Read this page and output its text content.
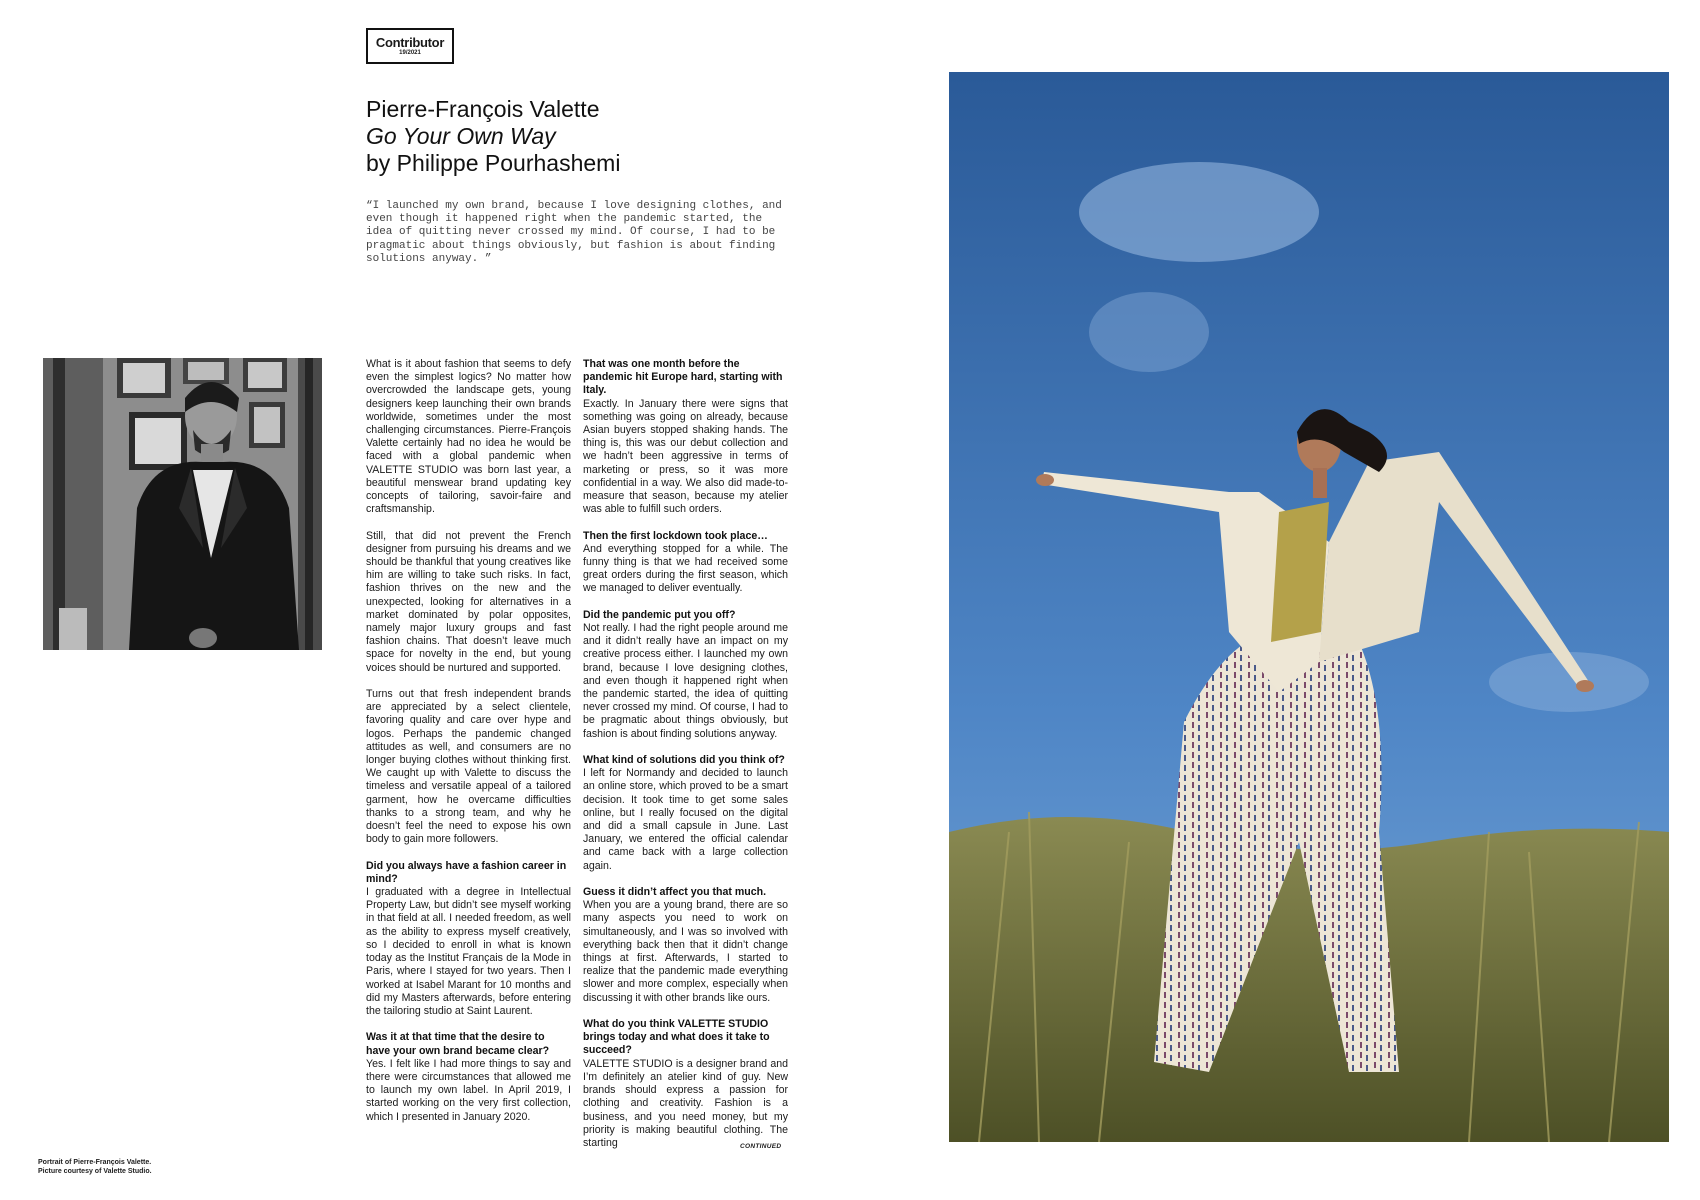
Contributor
19/2021
Pierre-François Valette
Go Your Own Way
by Philippe Pourhashemi
“I launched my own brand, because I love designing clothes, and even though it happened right when the pandemic started, the idea of quitting never crossed my mind. Of course, I had to be pragmatic about things obviously, but fashion is about finding solutions anyway. ”
Portrait of Pierre-François Valette.
Picture courtesy of Valette Studio.

What is it about fashion that seems to defy even the simplest logics? No matter how overcrowded the landscape gets, young designers keep launching their own brands worldwide, sometimes under the most challenging circumstances. Pierre-François Valette certainly had no idea he would be faced with a global pandemic when VALETTE STUDIO was born last year, a beautiful menswear brand updating key concepts of tailoring, savoir-faire and craftsmanship.

Still, that did not prevent the French designer from pursuing his dreams and we should be thankful that young creatives like him are willing to take such risks. In fact, fashion thrives on the new and the unexpected, looking for alternatives in a market dominated by polar opposites, namely major luxury groups and fast fashion chains. That doesn’t leave much space for novelty in the end, but young voices should be nurtured and supported.

Turns out that fresh independent brands are appreciated by a select clientele, favoring quality and care over hype and logos. Perhaps the pandemic changed attitudes as well, and consumers are no longer buying clothes without thinking first. We caught up with Valette to discuss the timeless and versatile appeal of a tailored garment, how he overcame difficulties thanks to a strong team, and why he doesn’t feel the need to expose his own body to gain more followers.

Did you always have a fashion career in mind?

I graduated with a degree in Intellectual Property Law, but didn’t see myself working in that field at all. I needed freedom, as well as the ability to express myself creatively, so I decided to enroll in what is known today as the Institut Français de la Mode in Paris, where I stayed for two years. Then I worked at Isabel Marant for 10 months and did my Masters afterwards, before entering the tailoring studio at Saint Laurent.

Was it at that time that the desire to have your own brand became clear?

Yes. I felt like I had more things to say and there were circumstances that allowed me to launch my own label. In April 2019, I started working on the very first collection, which I presented in January 2020.

That was one month before the pandemic hit Europe hard, starting with Italy.

Exactly. In January there were signs that something was going on already, because Asian buyers stopped shaking hands. The thing is, this was our debut collection and we hadn’t been aggressive in terms of marketing or press, so it was more confidential in a way. We also did made-to-measure that season, because my atelier was able to fulfill such orders.

Then the first lockdown took place…

And everything stopped for a while. The funny thing is that we had received some great orders during the first season, which we managed to deliver eventually.

Did the pandemic put you off?

Not really. I had the right people around me and it didn’t really have an impact on my creative process either. I launched my own brand, because I love designing clothes, and even though it happened right when the pandemic started, the idea of quitting never crossed my mind. Of course, I had to be pragmatic about things obviously, but fashion is about finding solutions anyway.

What kind of solutions did you think of?

I left for Normandy and decided to launch an online store, which proved to be a smart decision. It took time to get some sales online, but I really focused on the digital and did a small capsule in June. Last January, we entered the official calendar and came back with a large collection again.

Guess it didn’t affect you that much.

When you are a young brand, there are so many aspects you need to work on simultaneously, and I was so involved with everything back then that it didn’t change things at first. Afterwards, I started to realize that the pandemic made everything slower and more complex, especially when discussing it with other brands like ours.

What do you think VALETTE STUDIO brings today and what does it take to succeed?

VALETTE STUDIO is a designer brand and I’m definitely an atelier kind of guy. New brands should express a passion for clothing and creativity. Fashion is a business, and you need money, but my priority is making beautiful clothing. The starting	CONTINUED
